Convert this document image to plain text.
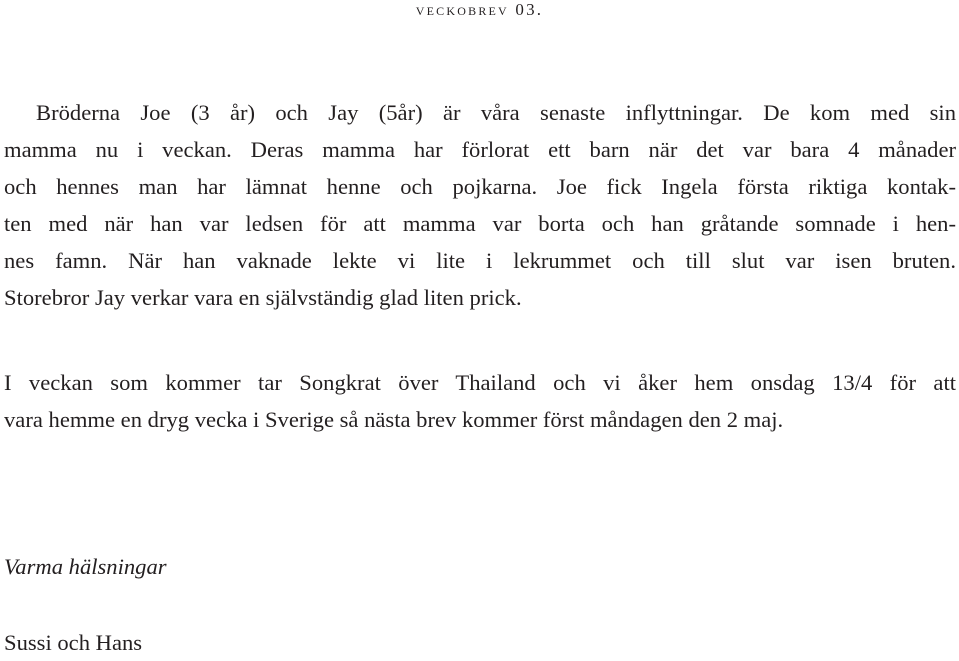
veckobrev 03.
Bröderna Joe (3 år) och Jay (5år) är våra senaste inflyttningar. De kom med sin
mamma nu i veckan. Deras mamma har förlorat ett barn när det var bara 4 månader
och hennes man har lämnat henne och pojkarna. Joe fick Ingela första riktiga kontak-
ten med när han var ledsen för att mamma var borta och han gråtande somnade i hen-
nes famn. När han vaknade lekte vi lite i lekrummet och till slut var isen bruten.
Storebror Jay verkar vara en självständig glad liten prick.
I veckan som kommer tar Songkrat över Thailand och vi åker hem onsdag 13/4 för att
vara hemme en dryg vecka i Sverige så nästa brev kommer först måndagen den 2 maj.

Varma hälsningar

Sussi och Hans
